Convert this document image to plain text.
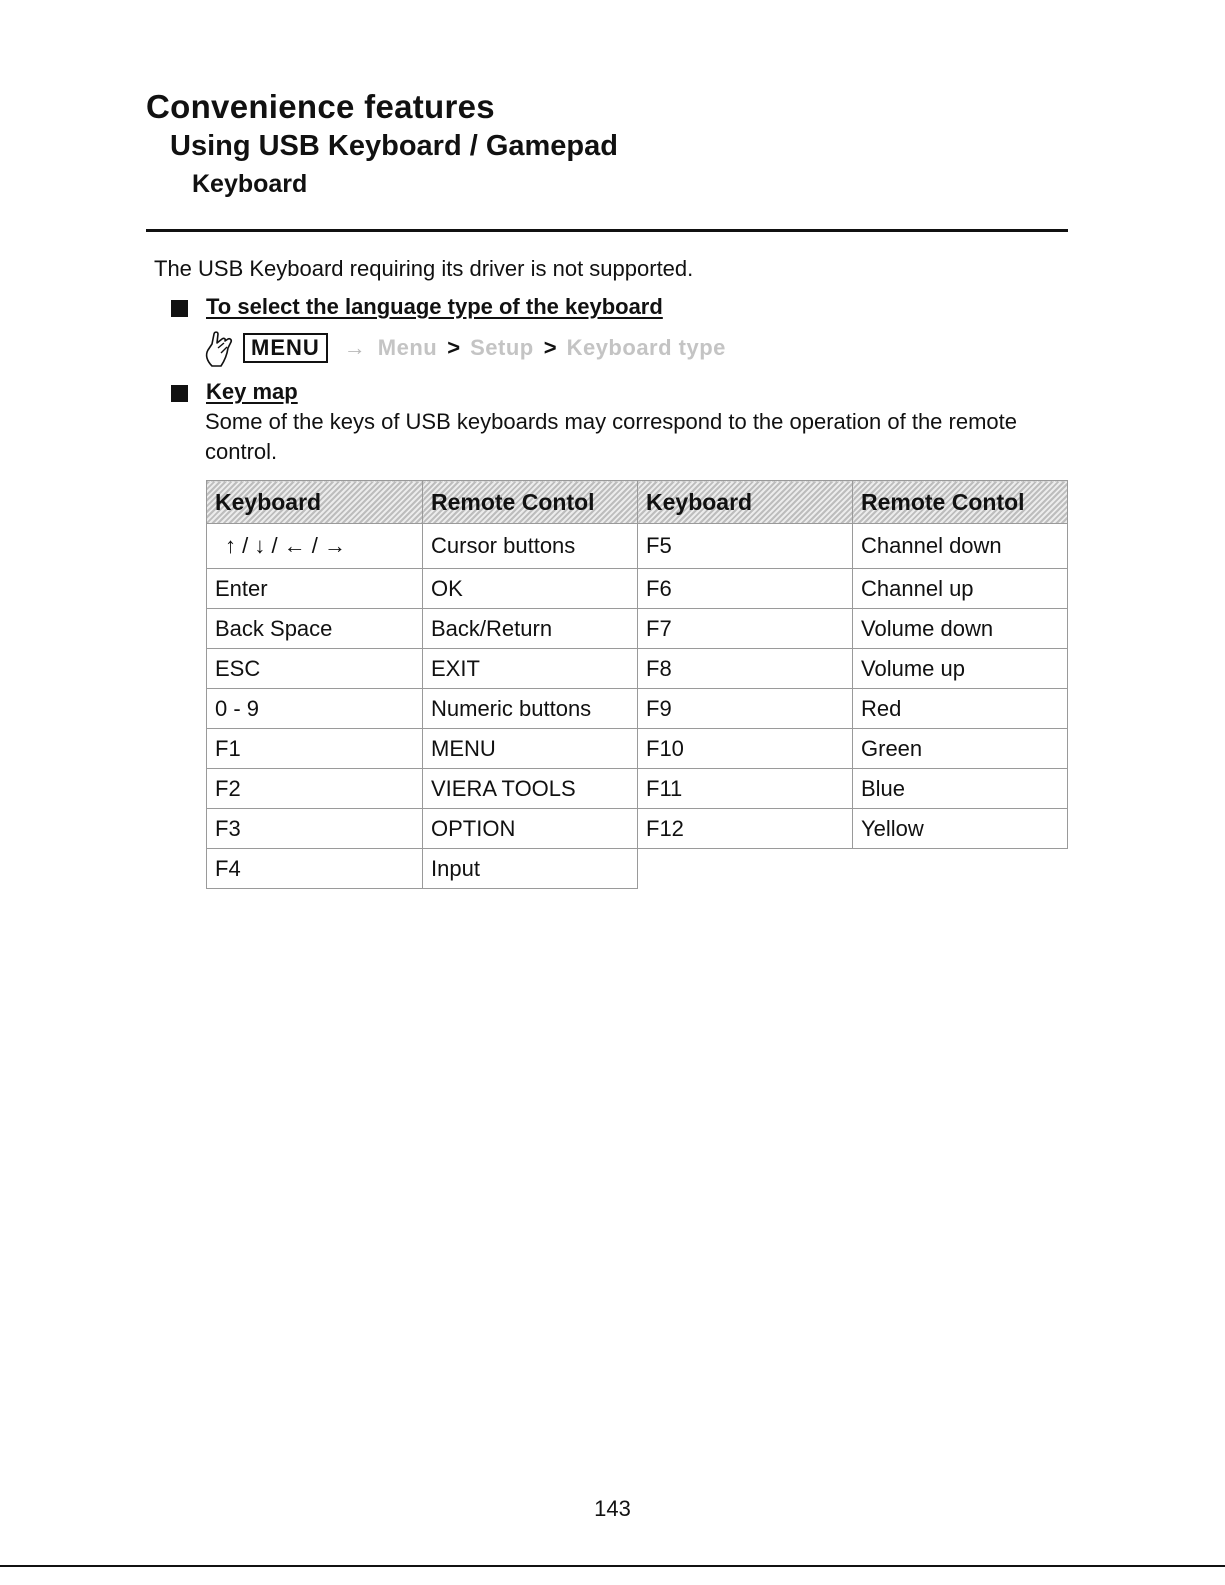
Convenience features
Using USB Keyboard / Gamepad
Keyboard

The USB Keyboard requiring its driver is not supported.

To select the language type of the keyboard

MENU	→ Menu > Setup > Keyboard type

Key map

Some of the keys of USB keyboards may correspond to the operation of the remote control.

Keyboard	Remote Contol	Keyboard	Remote Contol
↑ / ↓ / ← / →	Cursor buttons	F5	Channel down
Enter	OK	F6	Channel up
Back Space	Back/Return	F7	Volume down
ESC	EXIT	F8	Volume up
0 - 9	Numeric buttons	F9	Red
F1	MENU	F10	Green
F2	VIERA TOOLS	F11	Blue
F3	OPTION	F12	Yellow
F4	Input		

143
